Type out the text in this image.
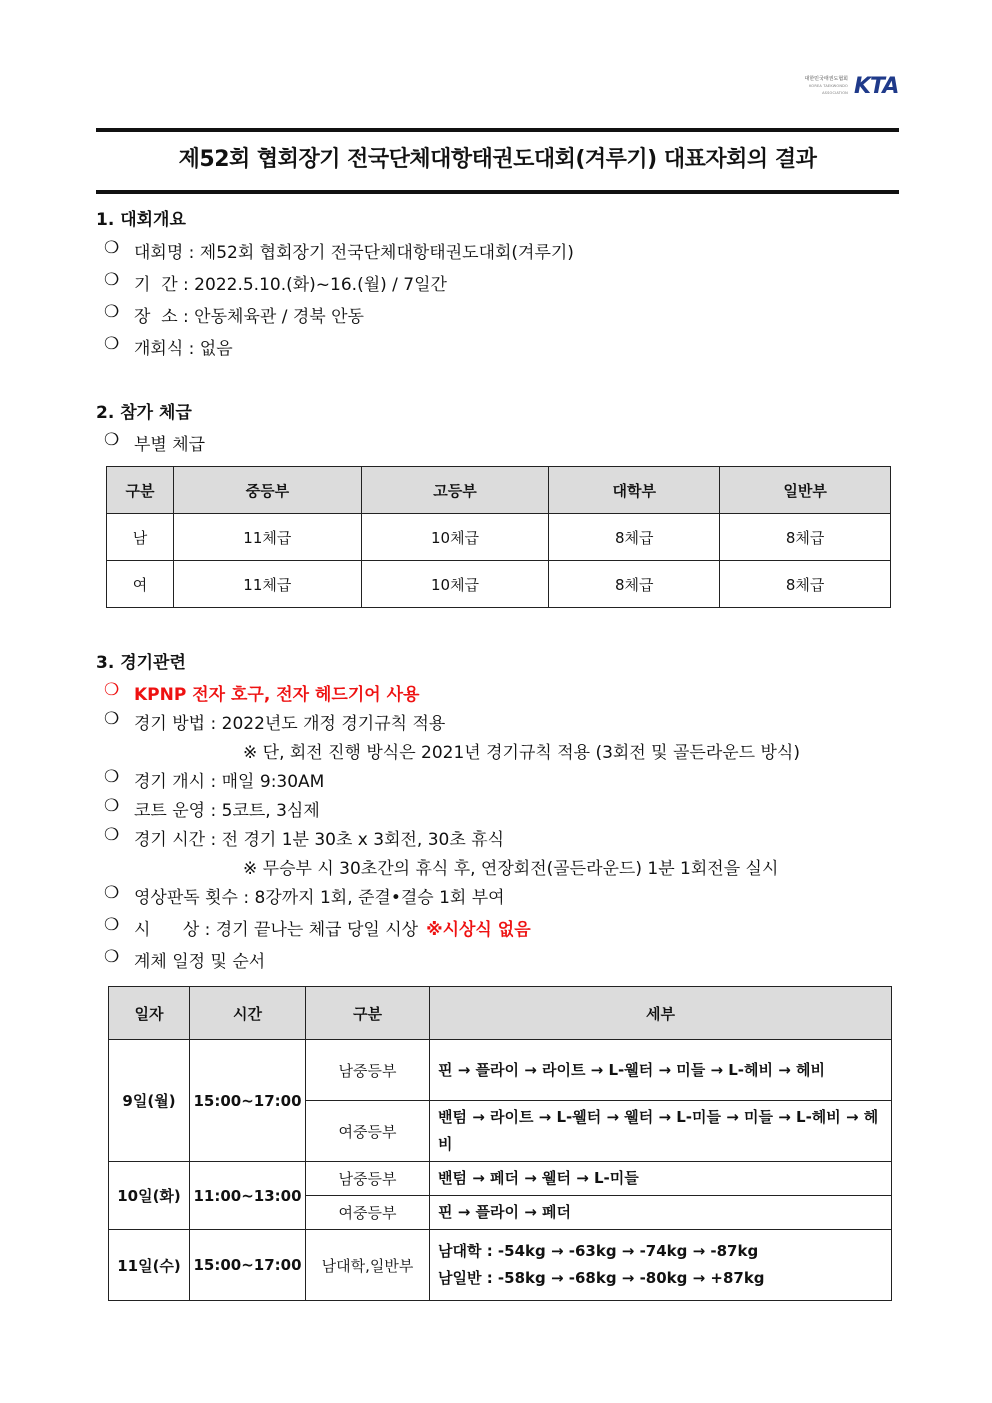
대한민국태권도협회
KOREA TAEKWONDO ASSOCIATION KTA
제52회 협회장기 전국단체대항태권도대회(겨루기) 대표자회의 결과
1. 대회개요
❍ 대회명 : 제52회 협회장기 전국단체대항태권도대회(겨루기)
❍ 기  간 : 2022.5.10.(화)~16.(월) / 7일간
❍ 장  소 : 안동체육관 / 경북 안동
❍ 개회식 : 없음
2. 참가 체급
❍ 부별 체급
구분	중등부	고등부	대학부	일반부
남	11체급	10체급	8체급	8체급
여	11체급	10체급	8체급	8체급
3. 경기관련
❍ KPNP 전자 호구, 전자 헤드기어 사용
❍ 경기 방법 : 2022년도 개정 경기규칙 적용
※ 단, 회전 진행 방식은 2021년 경기규칙 적용 (3회전 및 골든라운드 방식)
❍ 경기 개시 : 매일 9:30AM
❍ 코트 운영 : 5코트, 3심제
❍ 경기 시간 : 전 경기 1분 30초 x 3회전, 30초 휴식
※ 무승부 시 30초간의 휴식 후, 연장회전(골든라운드) 1분 1회전을 실시
❍ 영상판독 횟수 : 8강까지 1회, 준결•결승 1회 부여
❍ 시      상 : 경기 끝나는 체급 당일 시상 ※시상식 없음
❍ 계체 일정 및 순서
일자	시간	구분	세부
9일(월)	15:00~17:00	남중등부	핀 → 플라이 → 라이트 → L-웰터 → 미들 → L-헤비 → 헤비
		여중등부	밴텀 → 라이트 → L-웰터 → 웰터 → L-미들 → 미들 → L-헤비 → 헤비
10일(화)	11:00~13:00	남중등부	밴텀 → 페더 → 웰터 → L-미들
		여중등부	핀 → 플라이 → 페더
11일(수)	15:00~17:00	남대학,일반부	남대학 : -54kg → -63kg → -74kg → -87kg
남일반 : -58kg → -68kg → -80kg → +87kg
